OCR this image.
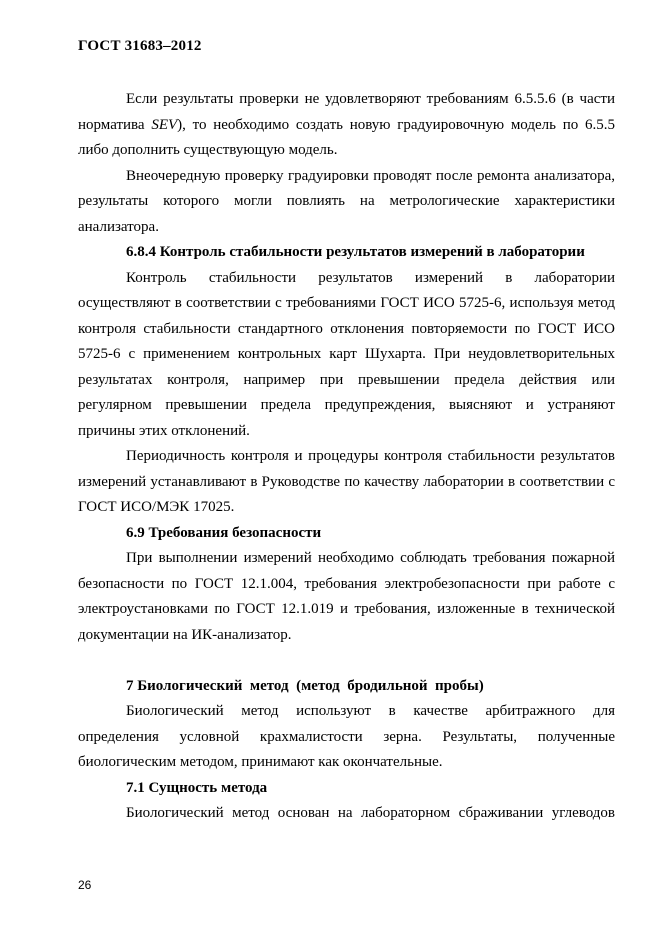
ГОСТ 31683–2012

Если результаты проверки не удовлетворяют требованиям 6.5.5.6 (в части норматива SEV), то необходимо создать новую градуировочную модель по 6.5.5 либо дополнить существующую модель.

Внеочередную проверку градуировки проводят после ремонта анализатора, результаты которого могли повлиять на метрологические характеристики анализатора.

6.8.4 Контроль стабильности результатов измерений в лаборатории

Контроль стабильности результатов измерений в лаборатории осуществляют в соответствии с требованиями ГОСТ ИСО 5725-6, используя метод контроля стабильности стандартного отклонения повторяемости по ГОСТ ИСО 5725-6 с применением контрольных карт Шухарта. При неудовлетворительных результатах контроля, например при превышении предела действия или регулярном превышении предела предупреждения, выясняют и устраняют причины этих отклонений.

Периодичность контроля и процедуры контроля стабильности результатов измерений устанавливают в Руководстве по качеству лаборатории в соответствии с ГОСТ ИСО/МЭК 17025.

6.9 Требования безопасности

При выполнении измерений необходимо соблюдать требования пожарной безопасности по ГОСТ 12.1.004, требования электробезопасности при работе с электроустановками по ГОСТ 12.1.019 и требования, изложенные в технической документации на ИК-анализатор.

7 Биологический  метод  (метод  бродильной  пробы)

Биологический метод используют в качестве арбитражного для определения условной крахмалистости зерна. Результаты, полученные биологическим методом, принимают как окончательные.

7.1 Сущность метода

Биологический метод основан на лабораторном сбраживании углеводов

26
